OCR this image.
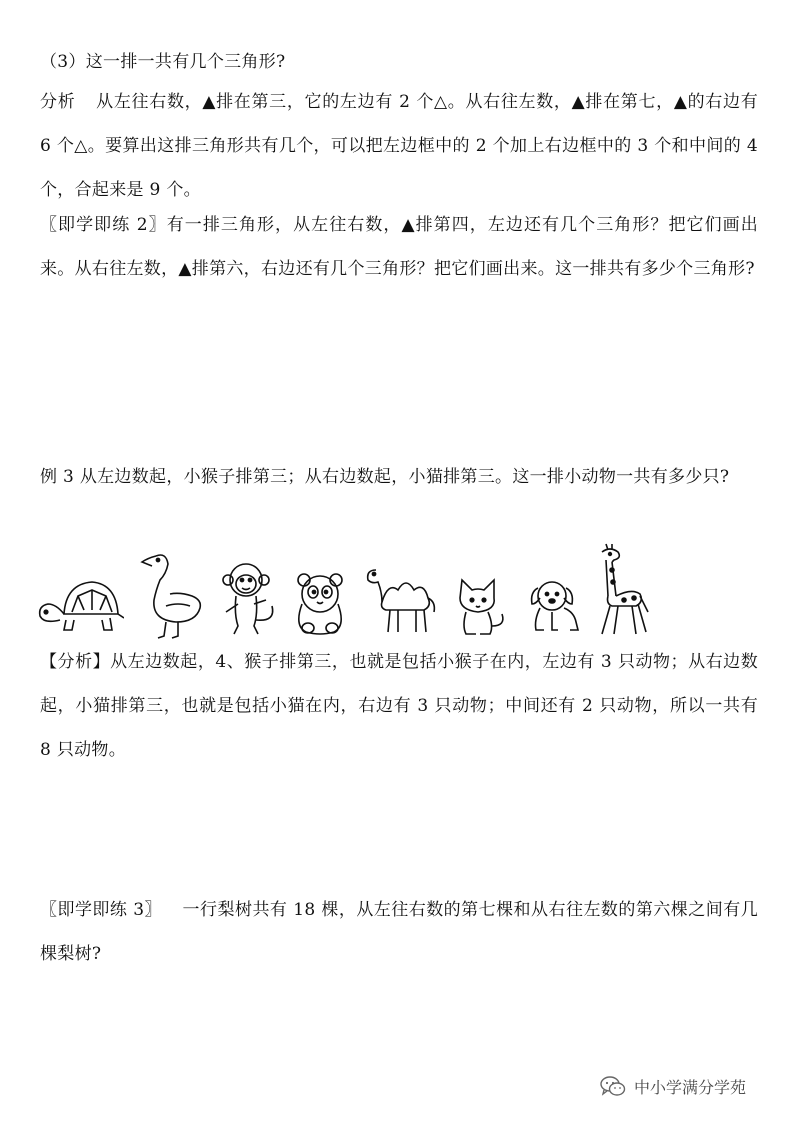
（3）这一排一共有几个三角形?
分析 从左往右数，▲排在第三，它的左边有 2 个△。从右往左数，▲排在第七，▲的右边有 6 个△。要算出这排三角形共有几个，可以把左边框中的 2 个加上右边框中的 3 个和中间的 4 个，合起来是 9 个。
〖即学即练 2〗有一排三角形，从左往右数，▲排第四，左边还有几个三角形？把它们画出来。从右往左数，▲排第六，右边还有几个三角形？把它们画出来。这一排共有多少个三角形?
例 3 从左边数起，小猴子排第三；从右边数起，小猫排第三。这一排小动物一共有多少只?
【分析】从左边数起，4、猴子排第三，也就是包括小猴子在内，左边有 3 只动物；从右边数起，小猫排第三，也就是包括小猫在内，右边有 3 只动物；中间还有 2 只动物，所以一共有 8 只动物。
〖即学即练 3〗 一行梨树共有 18 棵，从左往右数的第七棵和从右往左数的第六棵之间有几棵梨树?
中小学满分学苑
